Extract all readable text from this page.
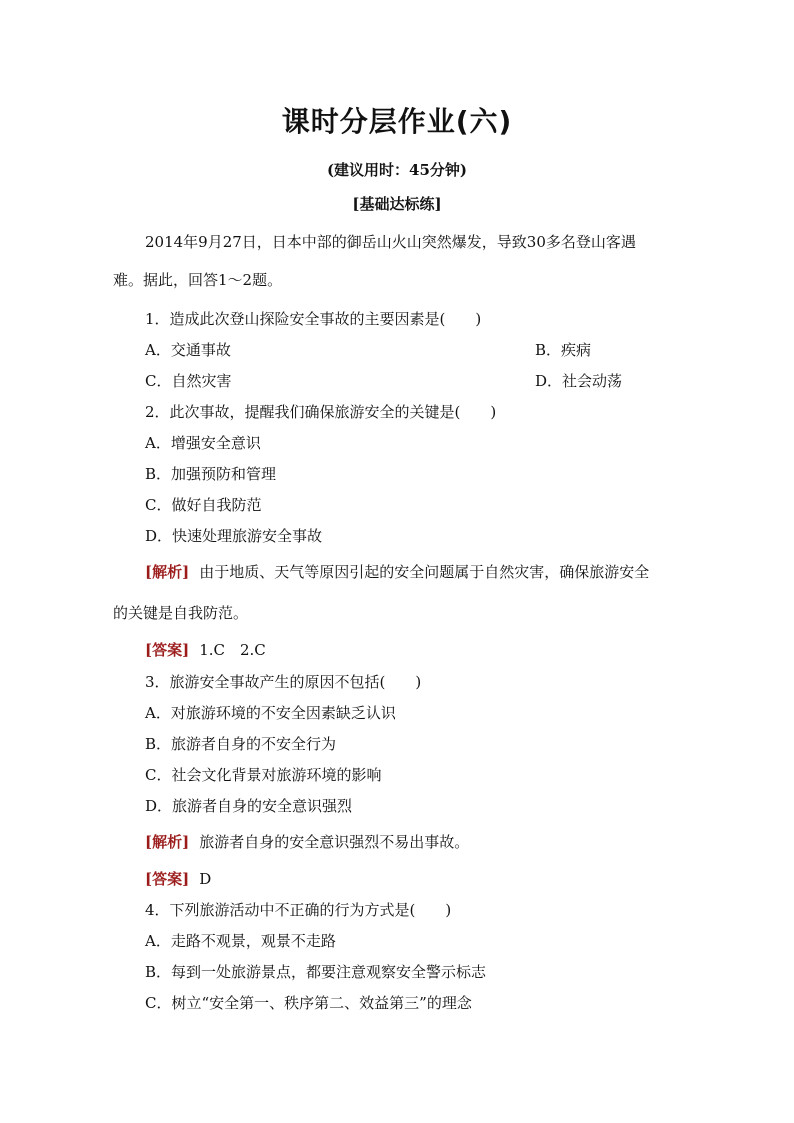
课时分层作业(六)
(建议用时：45分钟)
[基础达标练]
2014年9月27日，日本中部的御岳山火山突然爆发，导致30多名登山客遇
难。据此，回答1～2题。
1．造成此次登山探险安全事故的主要因素是(　　)
A．交通事故	B．疾病
C．自然灾害	D．社会动荡
2．此次事故，提醒我们确保旅游安全的关键是(　　)
A．增强安全意识
B．加强预防和管理
C．做好自我防范
D．快速处理旅游安全事故
[解析] 由于地质、天气等原因引起的安全问题属于自然灾害，确保旅游安全
的关键是自我防范。
[答案] 1.C　2.C
3．旅游安全事故产生的原因不包括(　　)
A．对旅游环境的不安全因素缺乏认识
B．旅游者自身的不安全行为
C．社会文化背景对旅游环境的影响
D．旅游者自身的安全意识强烈
[解析] 旅游者自身的安全意识强烈不易出事故。
[答案] D
4．下列旅游活动中不正确的行为方式是(　　)
A．走路不观景，观景不走路
B．每到一处旅游景点，都要注意观察安全警示标志
C．树立“安全第一、秩序第二、效益第三”的理念
